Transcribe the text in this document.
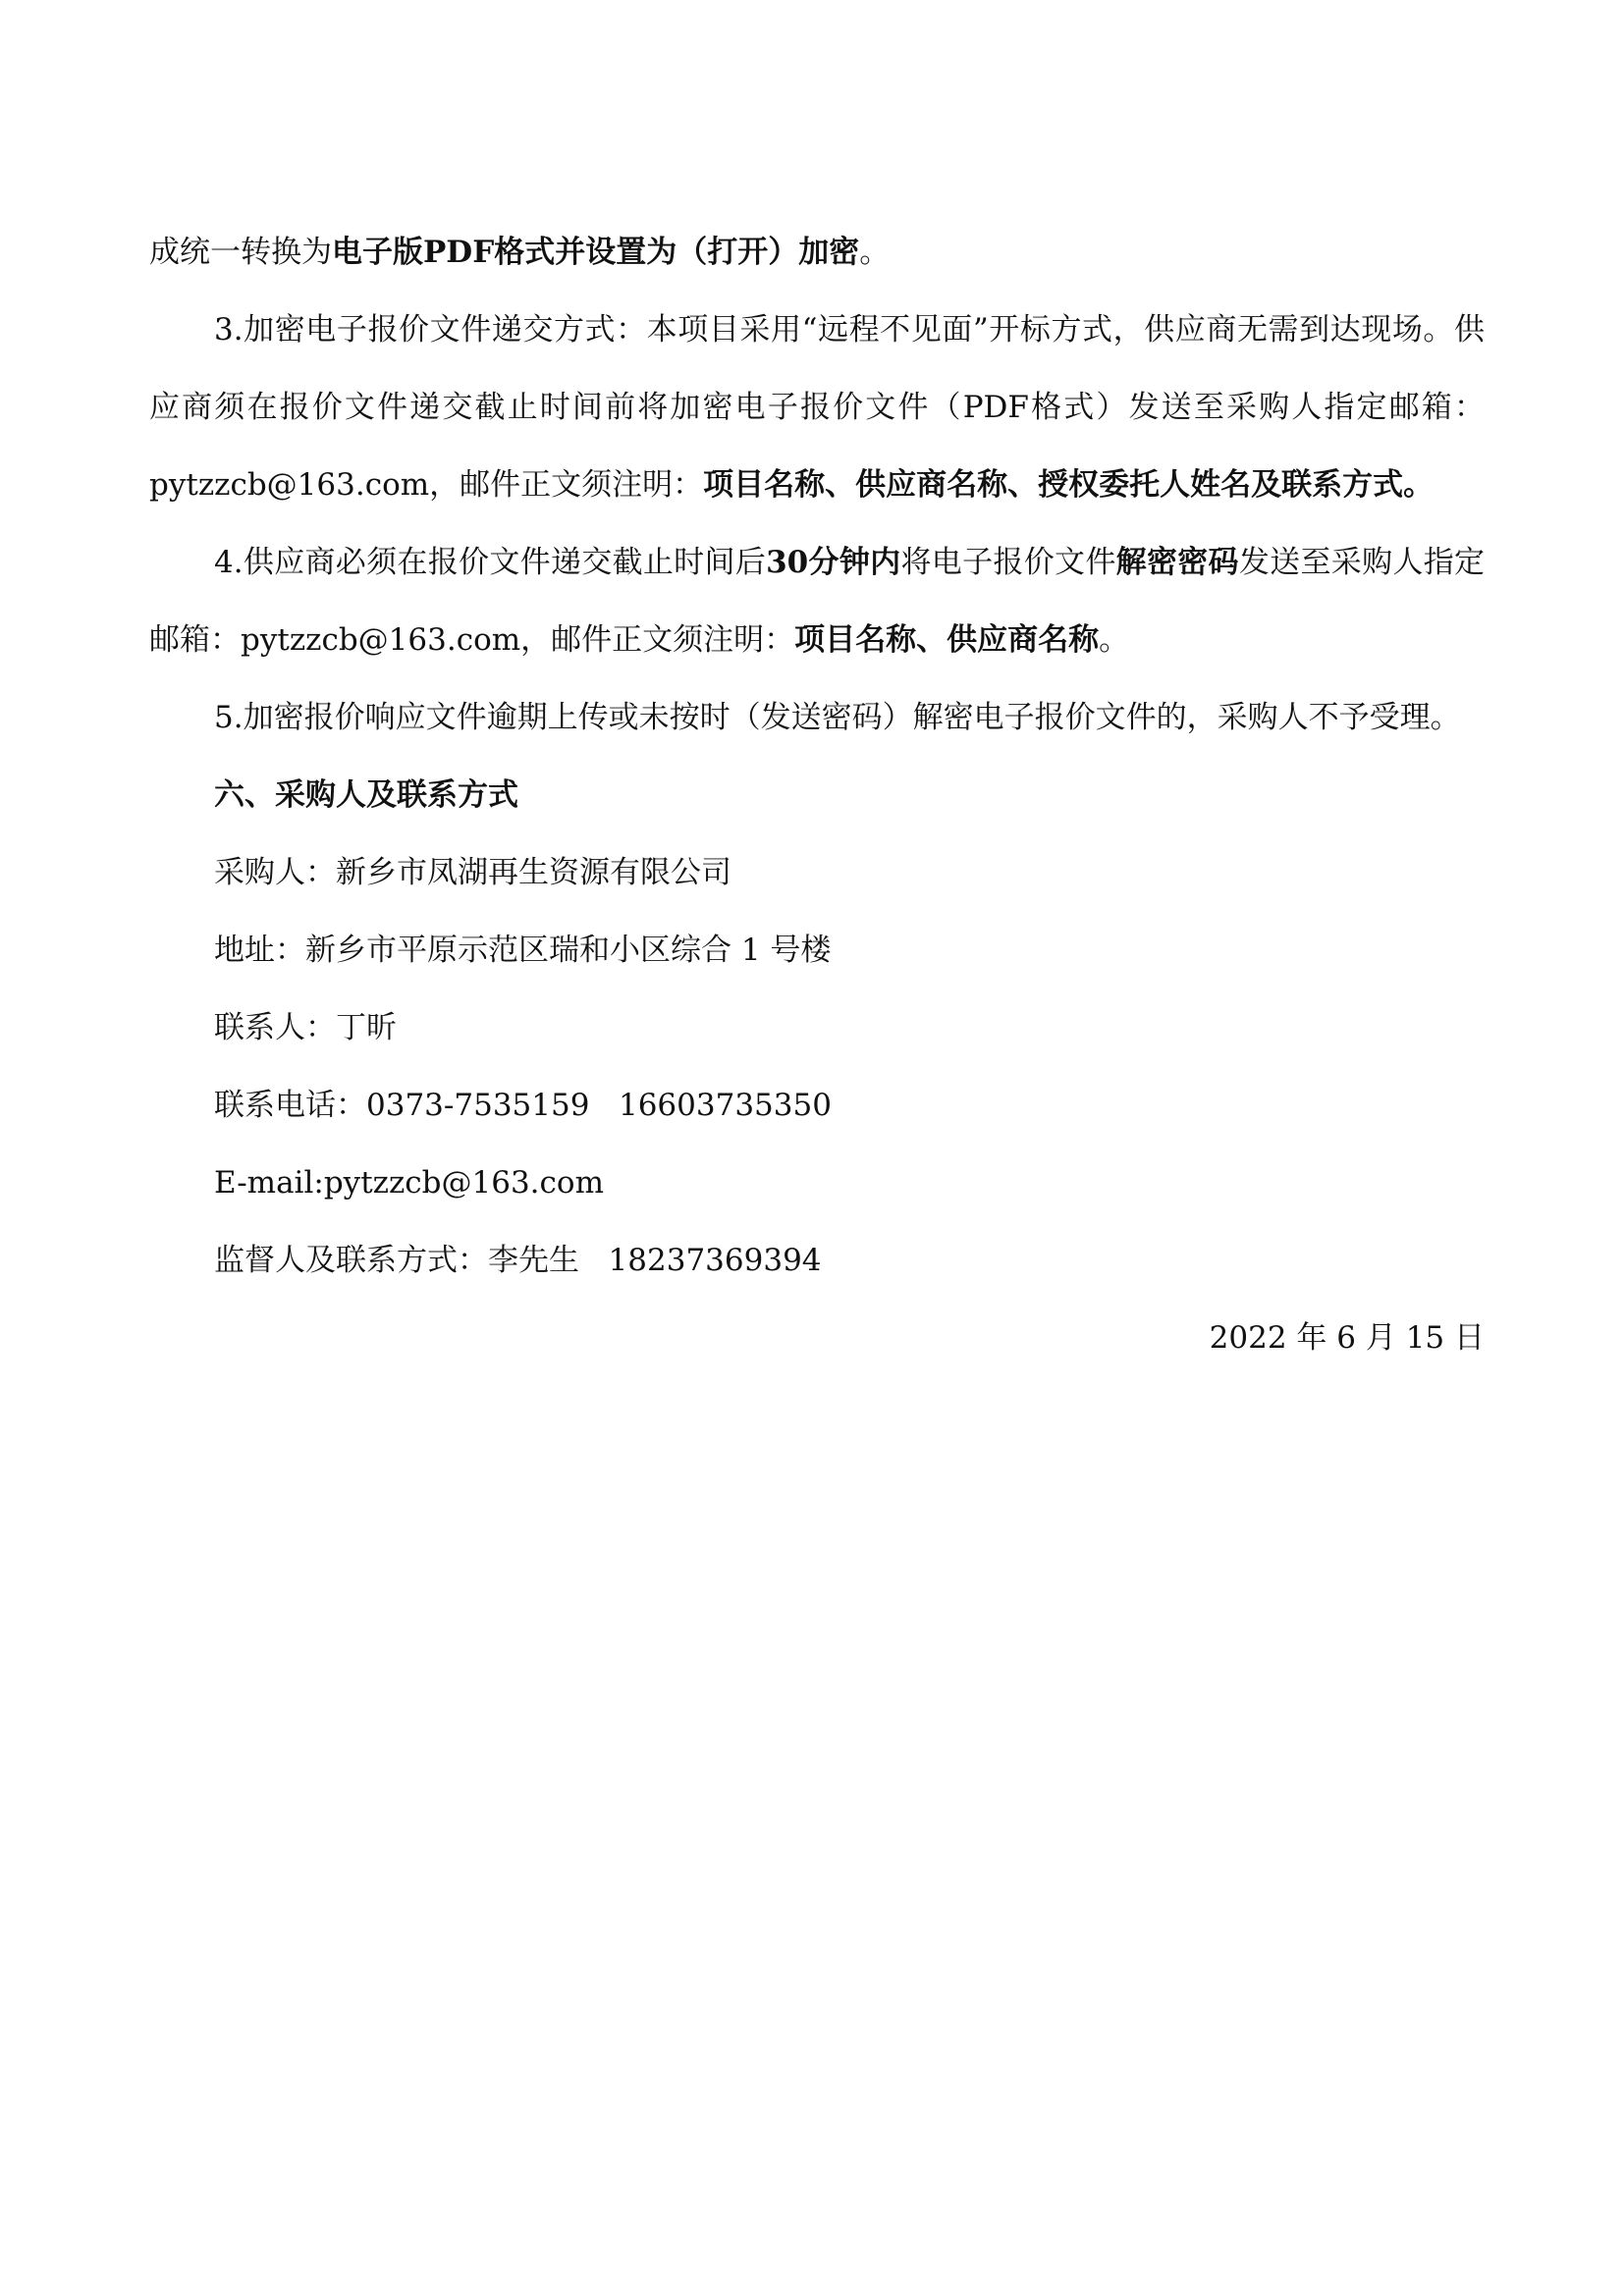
成统一转换为电子版PDF格式并设置为（打开）加密。

3.加密电子报价文件递交方式：本项目采用“远程不见面”开标方式，供应商无需到达现场。供应商须在报价文件递交截止时间前将加密电子报价文件（PDF格式）发送至采购人指定邮箱：pytzzcb@163.com，邮件正文须注明：项目名称、供应商名称、授权委托人姓名及联系方式。

4.供应商必须在报价文件递交截止时间后30分钟内将电子报价文件解密密码发送至采购人指定邮箱：pytzzcb@163.com，邮件正文须注明：项目名称、供应商名称。

5.加密报价响应文件逾期上传或未按时（发送密码）解密电子报价文件的，采购人不予受理。

六、采购人及联系方式

采购人：新乡市凤湖再生资源有限公司

地址：新乡市平原示范区瑞和小区综合 1 号楼

联系人：丁昕

联系电话：0373-7535159   16603735350

E-mail:pytzzcb@163.com

监督人及联系方式：李先生   18237369394

2022 年 6 月 15 日
